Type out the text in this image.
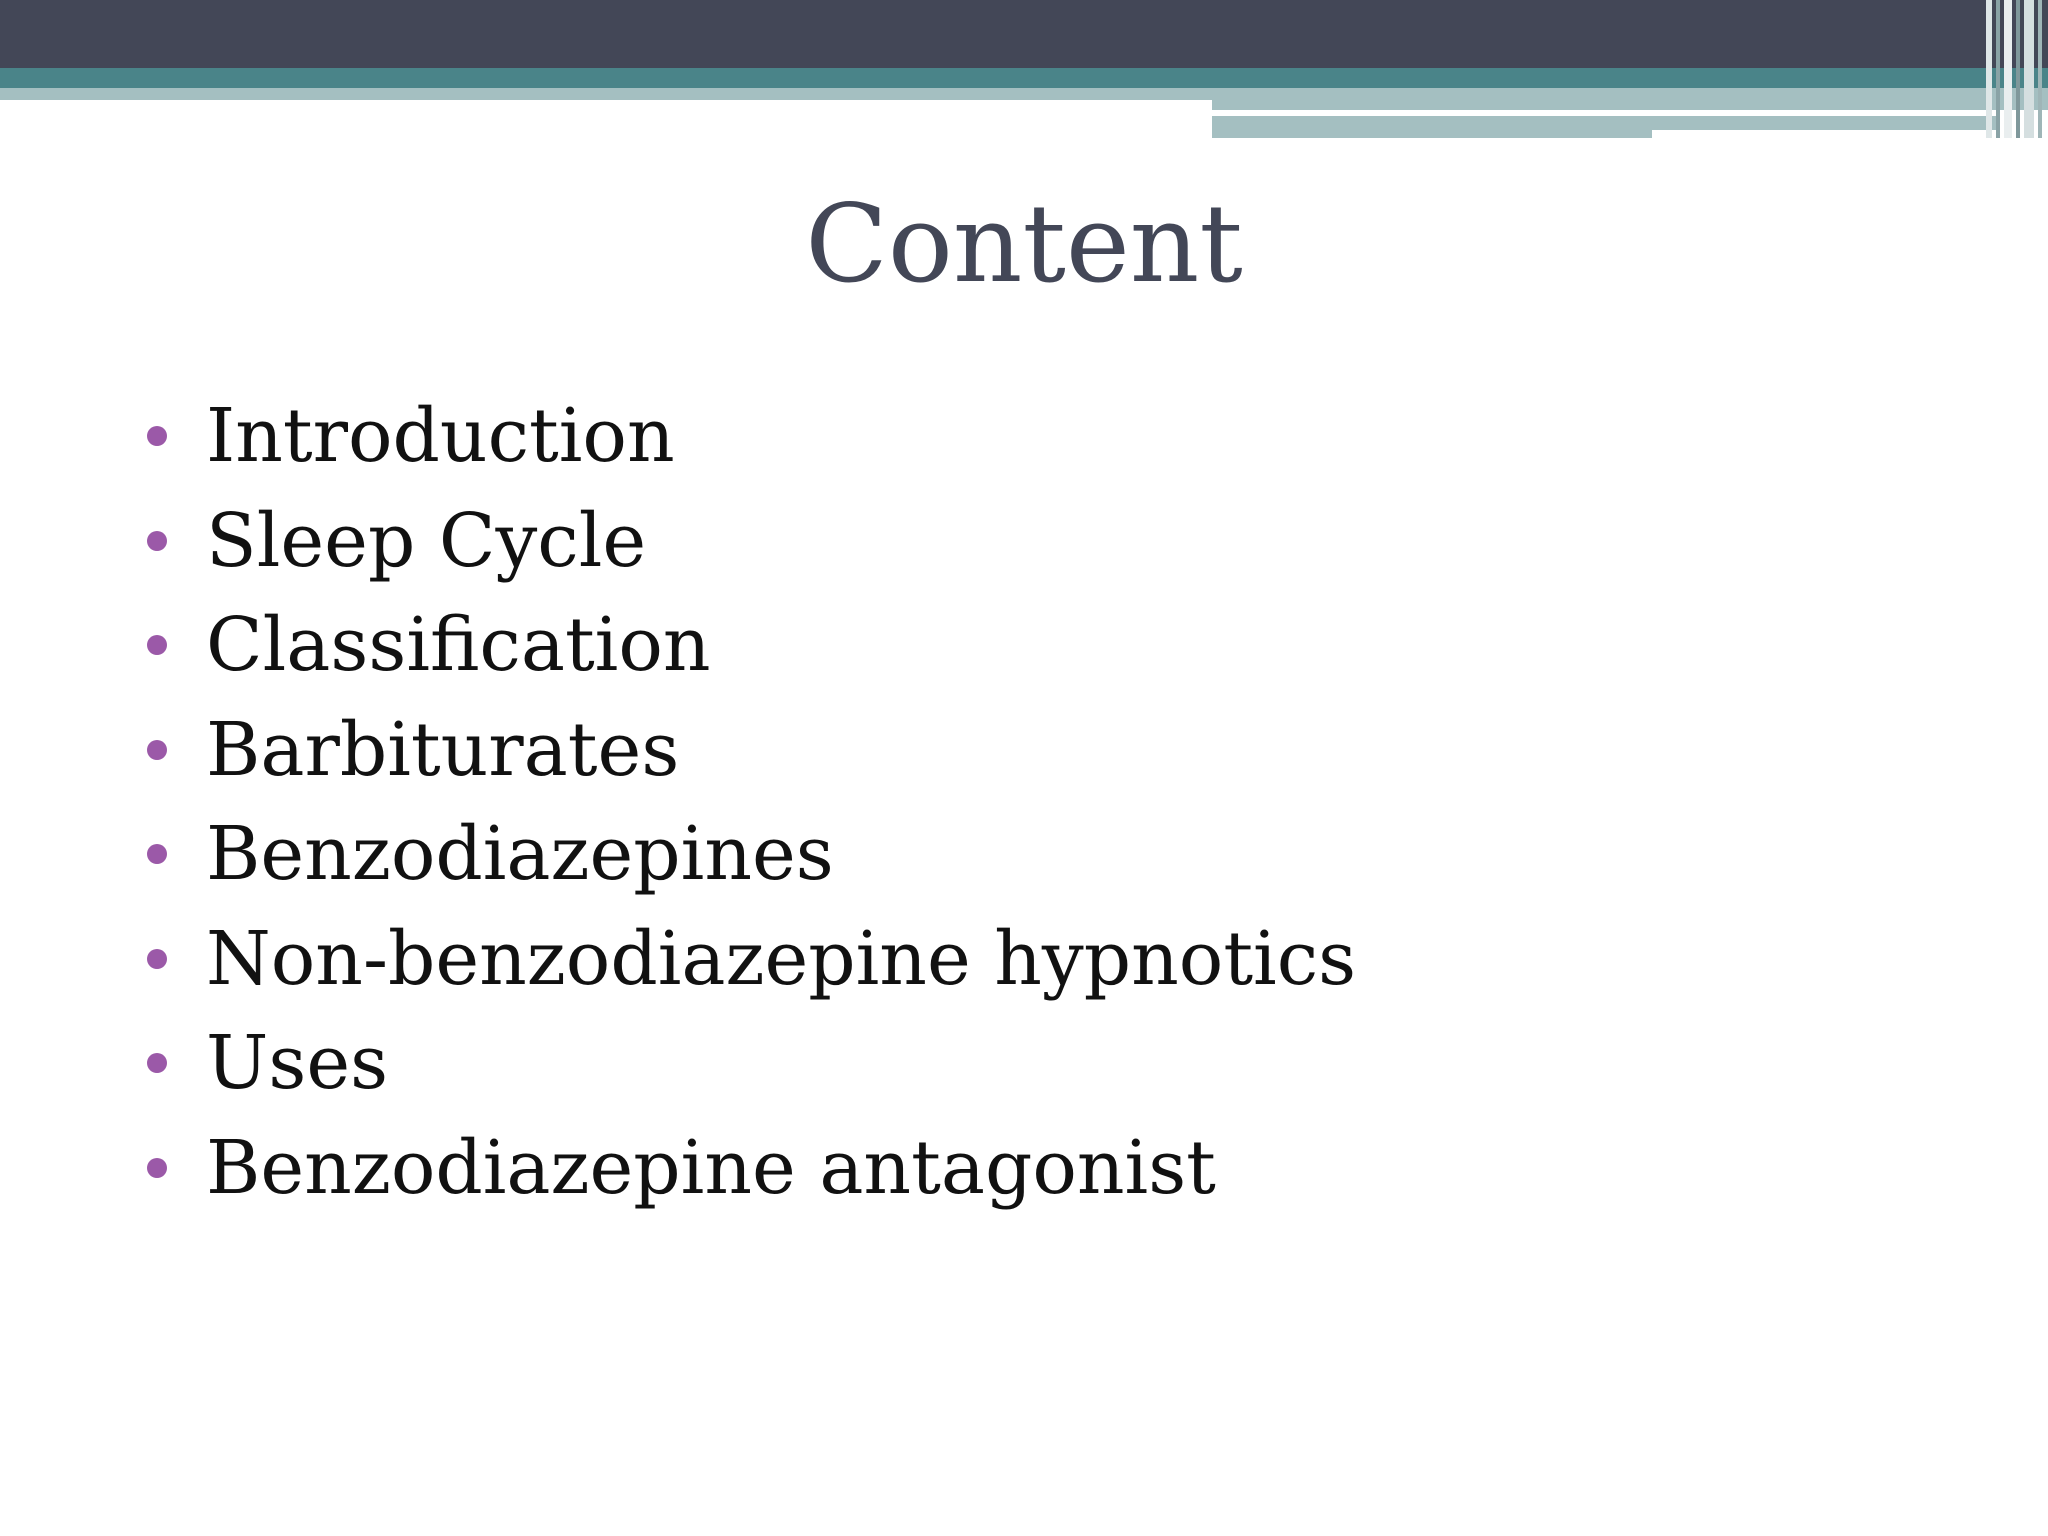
Content
Introduction
Sleep Cycle
Classification
Barbiturates
Benzodiazepines
Non-benzodiazepine hypnotics
Uses
Benzodiazepine antagonist
